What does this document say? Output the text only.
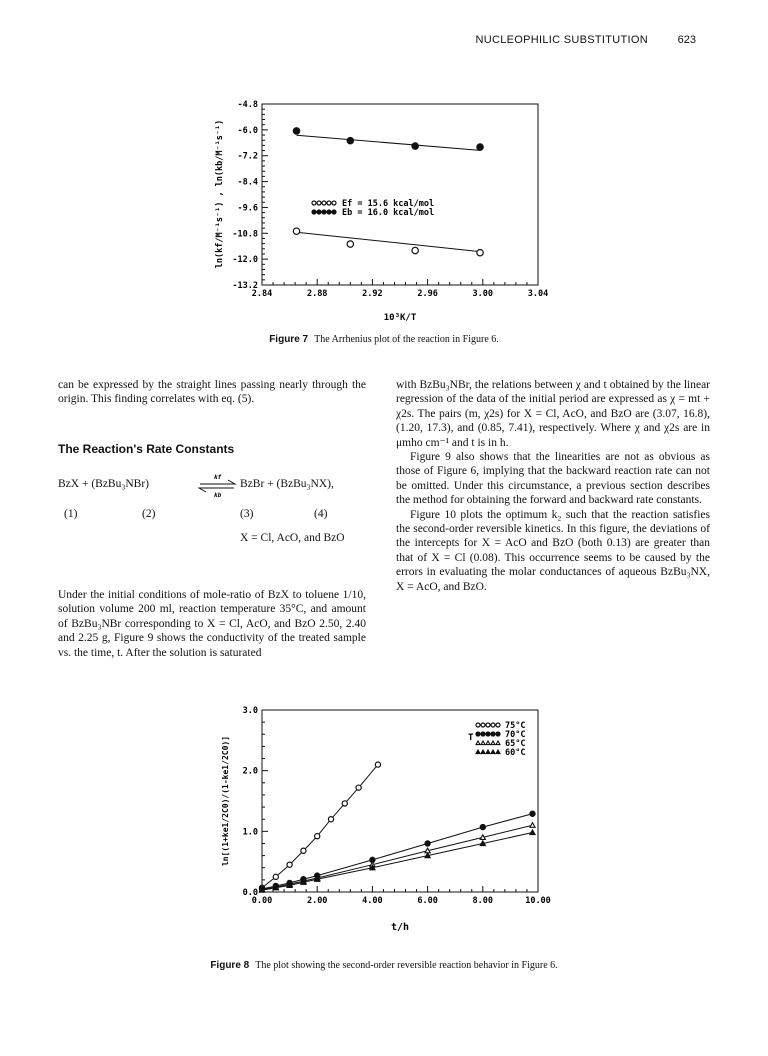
NUCLEOPHILIC SUBSTITUTION	623
2.84	2.88	2.92	2.96	3.00	3.04
-13.2
-12.0
-10.8
-9.6
-8.4
-7.2
-6.0
-4.8
10³K/T
ln(kf/M⁻¹s⁻¹) , ln(kb/M⁻¹s⁻¹)	Ef = 15.6 kcal/mol
Eb = 16.0 kcal/mol
Figure 7 The Arrhenius plot of the reaction in Figure 6.

can be expressed by the straight lines passing nearly through the origin. This finding correlates with eq. (5).

The Reaction's Rate Constants
BzX + (BzBu₃NBr)
kf
kb
BzBr + (BzBu₃NX),
(1)	(2)	(3)	(4)
X = Cl, AcO, and BzO

Under the initial conditions of mole-ratio of BzX to toluene 1/10, solution volume 200 ml, reaction temperature 35°C, and amount of BzBu₃NBr corresponding to X = Cl, AcO, and BzO 2.50, 2.40 and 2.25 g, Figure 9 shows the conductivity of the treated sample vs. the time, t. After the solution is saturated

with BzBu₃NBr, the relations between χ and t obtained by the linear regression of the data of the initial period are expressed as χ = mt + χ2s. The pairs (m, χ2s) for X = Cl, AcO, and BzO are (3.07, 16.8), (1.20, 17.3), and (0.85, 7.41), respectively. Where χ and χ2s are in μmho cm⁻¹ and t is in h.

Figure 9 also shows that the linearities are not as obvious as those of Figure 6, implying that the backward reaction rate can not be omitted. Under this circumstance, a previous section describes the method for obtaining the forward and backward rate constants.

Figure 10 plots the optimum k₂ such that the reaction satisfies the second-order reversible kinetics. In this figure, the deviations of the intercepts for X = AcO and BzO (both 0.13) are greater than that of X = Cl (0.08). This occurrence seems to be caused by the errors in evaluating the molar conductances of aqueous BzBu₃NX, X = AcO, and BzO.

0.00	2.00	4.00	6.00	8.00	10.00
0.0
1.0
2.0
3.0
t/h
ln[(1+ke1/2C0)/(1-ke1/2C0)]	T
75°C
70°C
65°C
60°C
Figure 8 The plot showing the second-order reversible reaction behavior in Figure 6.
